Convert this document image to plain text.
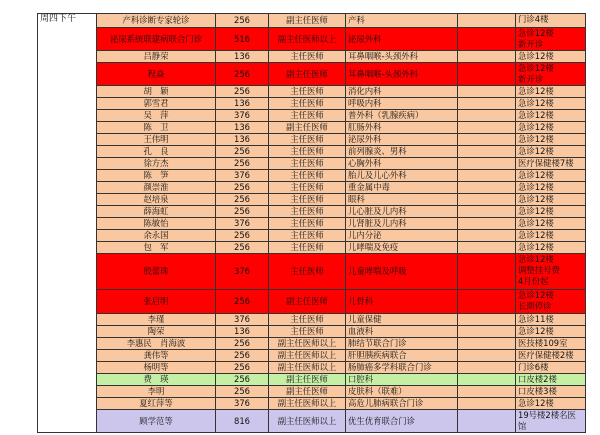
周四下午	产科诊断专家轮诊	256	副主任医师	产科		门诊4楼

	泌尿系统联建病联合门诊	516	副主任医师以上	泌尿外科		急诊12楼
新开诊

	吕静荣	136	主任医师	耳鼻咽喉-头颈外科		急诊12楼

	程焱	256	副主任医师	耳鼻咽喉-头颈外科		急诊12楼
新开诊

	胡　颖	256	主任医师	消化内科		急诊12楼

	郭雪君	136	主任医师	呼吸内科		急诊12楼

	吴　萍	376	主任医师	普外科（乳腺疾病）		急诊12楼

	陈　卫	136	副主任医师	肛肠外科		急诊12楼

	王伟明	136	主任医师	泌尿外科		急诊12楼

	孔　良	256	主任医师	前列腺炎、男科		急诊12楼

	徐方杰	256	主任医师	心胸外科		医疗保健楼7楼

	陈　笋	376	主任医师	胎儿及儿心外科		急诊12楼

	颜崇淮	256	主任医师	重金属中毒		急诊12楼

	赵培泉	256	主任医师	眼科		急诊12楼

	薛海虹	256	主任医师	儿心脏及儿内科		急诊12楼

	陈敏怡	376	主任医师	儿肾脏及儿内科		急诊12楼

	余永国	256	主任医师	儿内分泌		急诊12楼

	包　军	256	主任医师	儿哮喘及免疫		急诊12楼

	殷蕾珠	376	主任医师	儿童哮喘及呼吸		急诊12楼
调整挂号费
4月份起

	张启明	256	副主任医师	儿骨科		急诊12楼
长期停诊

	李瑾	376	主任医师	儿童保健		急诊11楼

	陶荣	136	主任医师	血液科		急诊12楼

	李惠民　肖海波	256	副主任医师以上	肺结节联合门诊		医技楼109室

	龚伟等	256	副主任医师以上	肝胆胰疾病联合		医疗保健楼2楼

	杨明等	256	副主任医师以上	肠肺癌多学科联合门诊		门诊6楼

	费　瑛	256	副主任医师	口腔科		口皮楼2楼

	李明	256	副主任医师	皮肤科（联难）		口皮楼3楼

	夏红萍等	376	副主任医师以上	高危儿肺病联合门诊		急诊12楼

	顾学范等	816	副主任医师以上	优生优育联合门诊		19号楼2楼名医馆
